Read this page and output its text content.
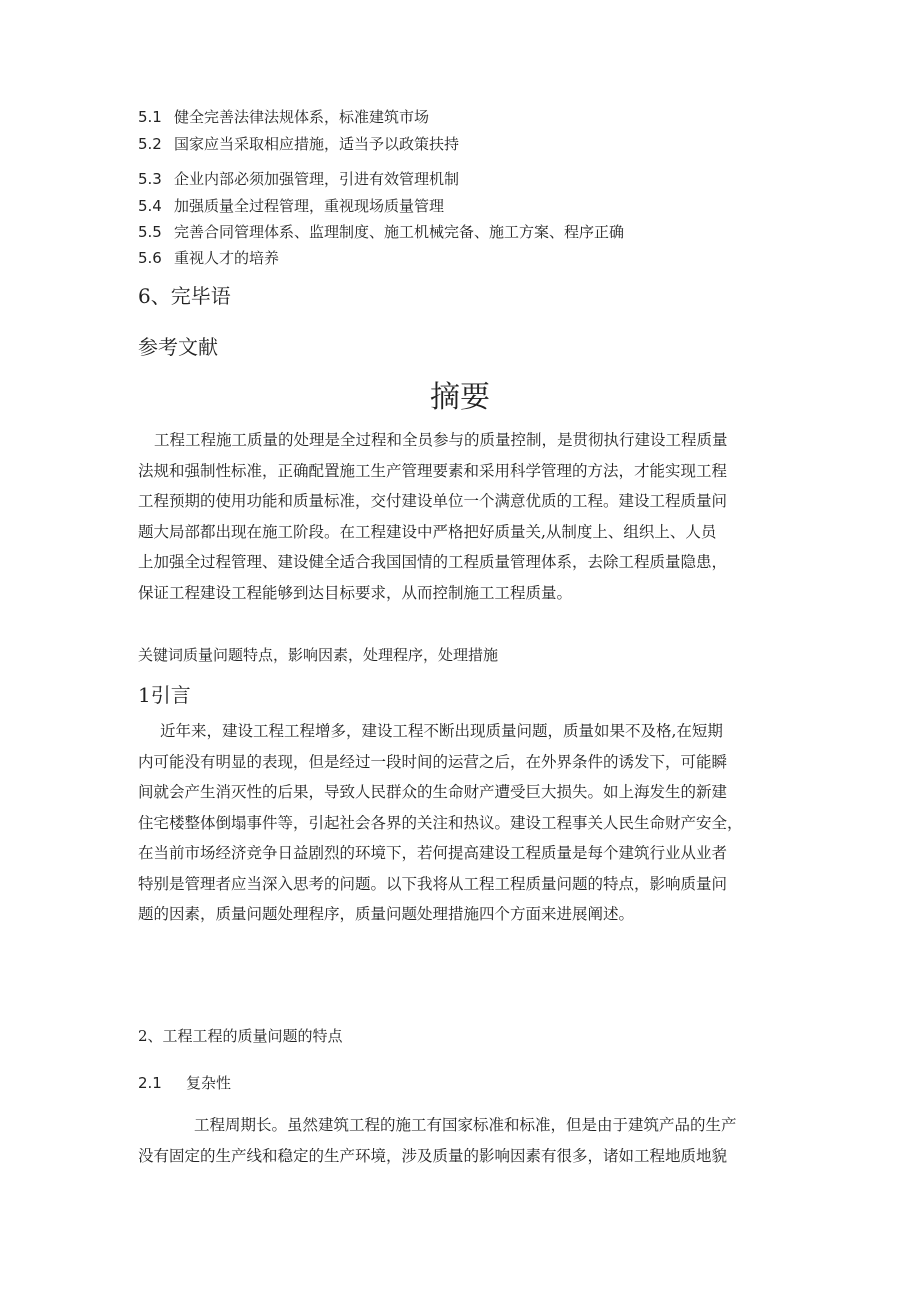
5.1 健全完善法律法规体系，标准建筑市场
5.2 国家应当采取相应措施，适当予以政策扶持
5.3 企业内部必须加强管理，引进有效管理机制
5.4 加强质量全过程管理，重视现场质量管理
5.5 完善合同管理体系、监理制度、施工机械完备、施工方案、程序正确
5.6 重视人才的培养
6、完毕语
参考文献
摘要
工程工程施工质量的处理是全过程和全员参与的质量控制，是贯彻执行建设工程质量
法规和强制性标准，正确配置施工生产管理要素和采用科学管理的方法，才能实现工程
工程预期的使用功能和质量标准，交付建设单位一个满意优质的工程。建设工程质量问
题大局部都出现在施工阶段。在工程建设中严格把好质量关,从制度上、组织上、人员
上加强全过程管理、建设健全适合我国国情的工程质量管理体系，去除工程质量隐患，
保证工程建设工程能够到达目标要求，从而控制施工工程质量。
关键词质量问题特点，影响因素，处理程序，处理措施
1引言
近年来，建设工程工程增多，建设工程不断出现质量问题，质量如果不及格,在短期
内可能没有明显的表现，但是经过一段时间的运营之后，在外界条件的诱发下，可能瞬
间就会产生消灭性的后果，导致人民群众的生命财产遭受巨大损失。如上海发生的新建
住宅楼整体倒塌事件等，引起社会各界的关注和热议。建设工程事关人民生命财产安全，
在当前市场经济竞争日益剧烈的环境下，若何提高建设工程质量是每个建筑行业从业者
特别是管理者应当深入思考的问题。以下我将从工程工程质量问题的特点，影响质量问
题的因素，质量问题处理程序，质量问题处理措施四个方面来进展阐述。
2、工程工程的质量问题的特点
2.1 复杂性
工程周期长。虽然建筑工程的施工有国家标准和标准，但是由于建筑产品的生产
没有固定的生产线和稳定的生产环境，涉及质量的影响因素有很多，诸如工程地质地貌
